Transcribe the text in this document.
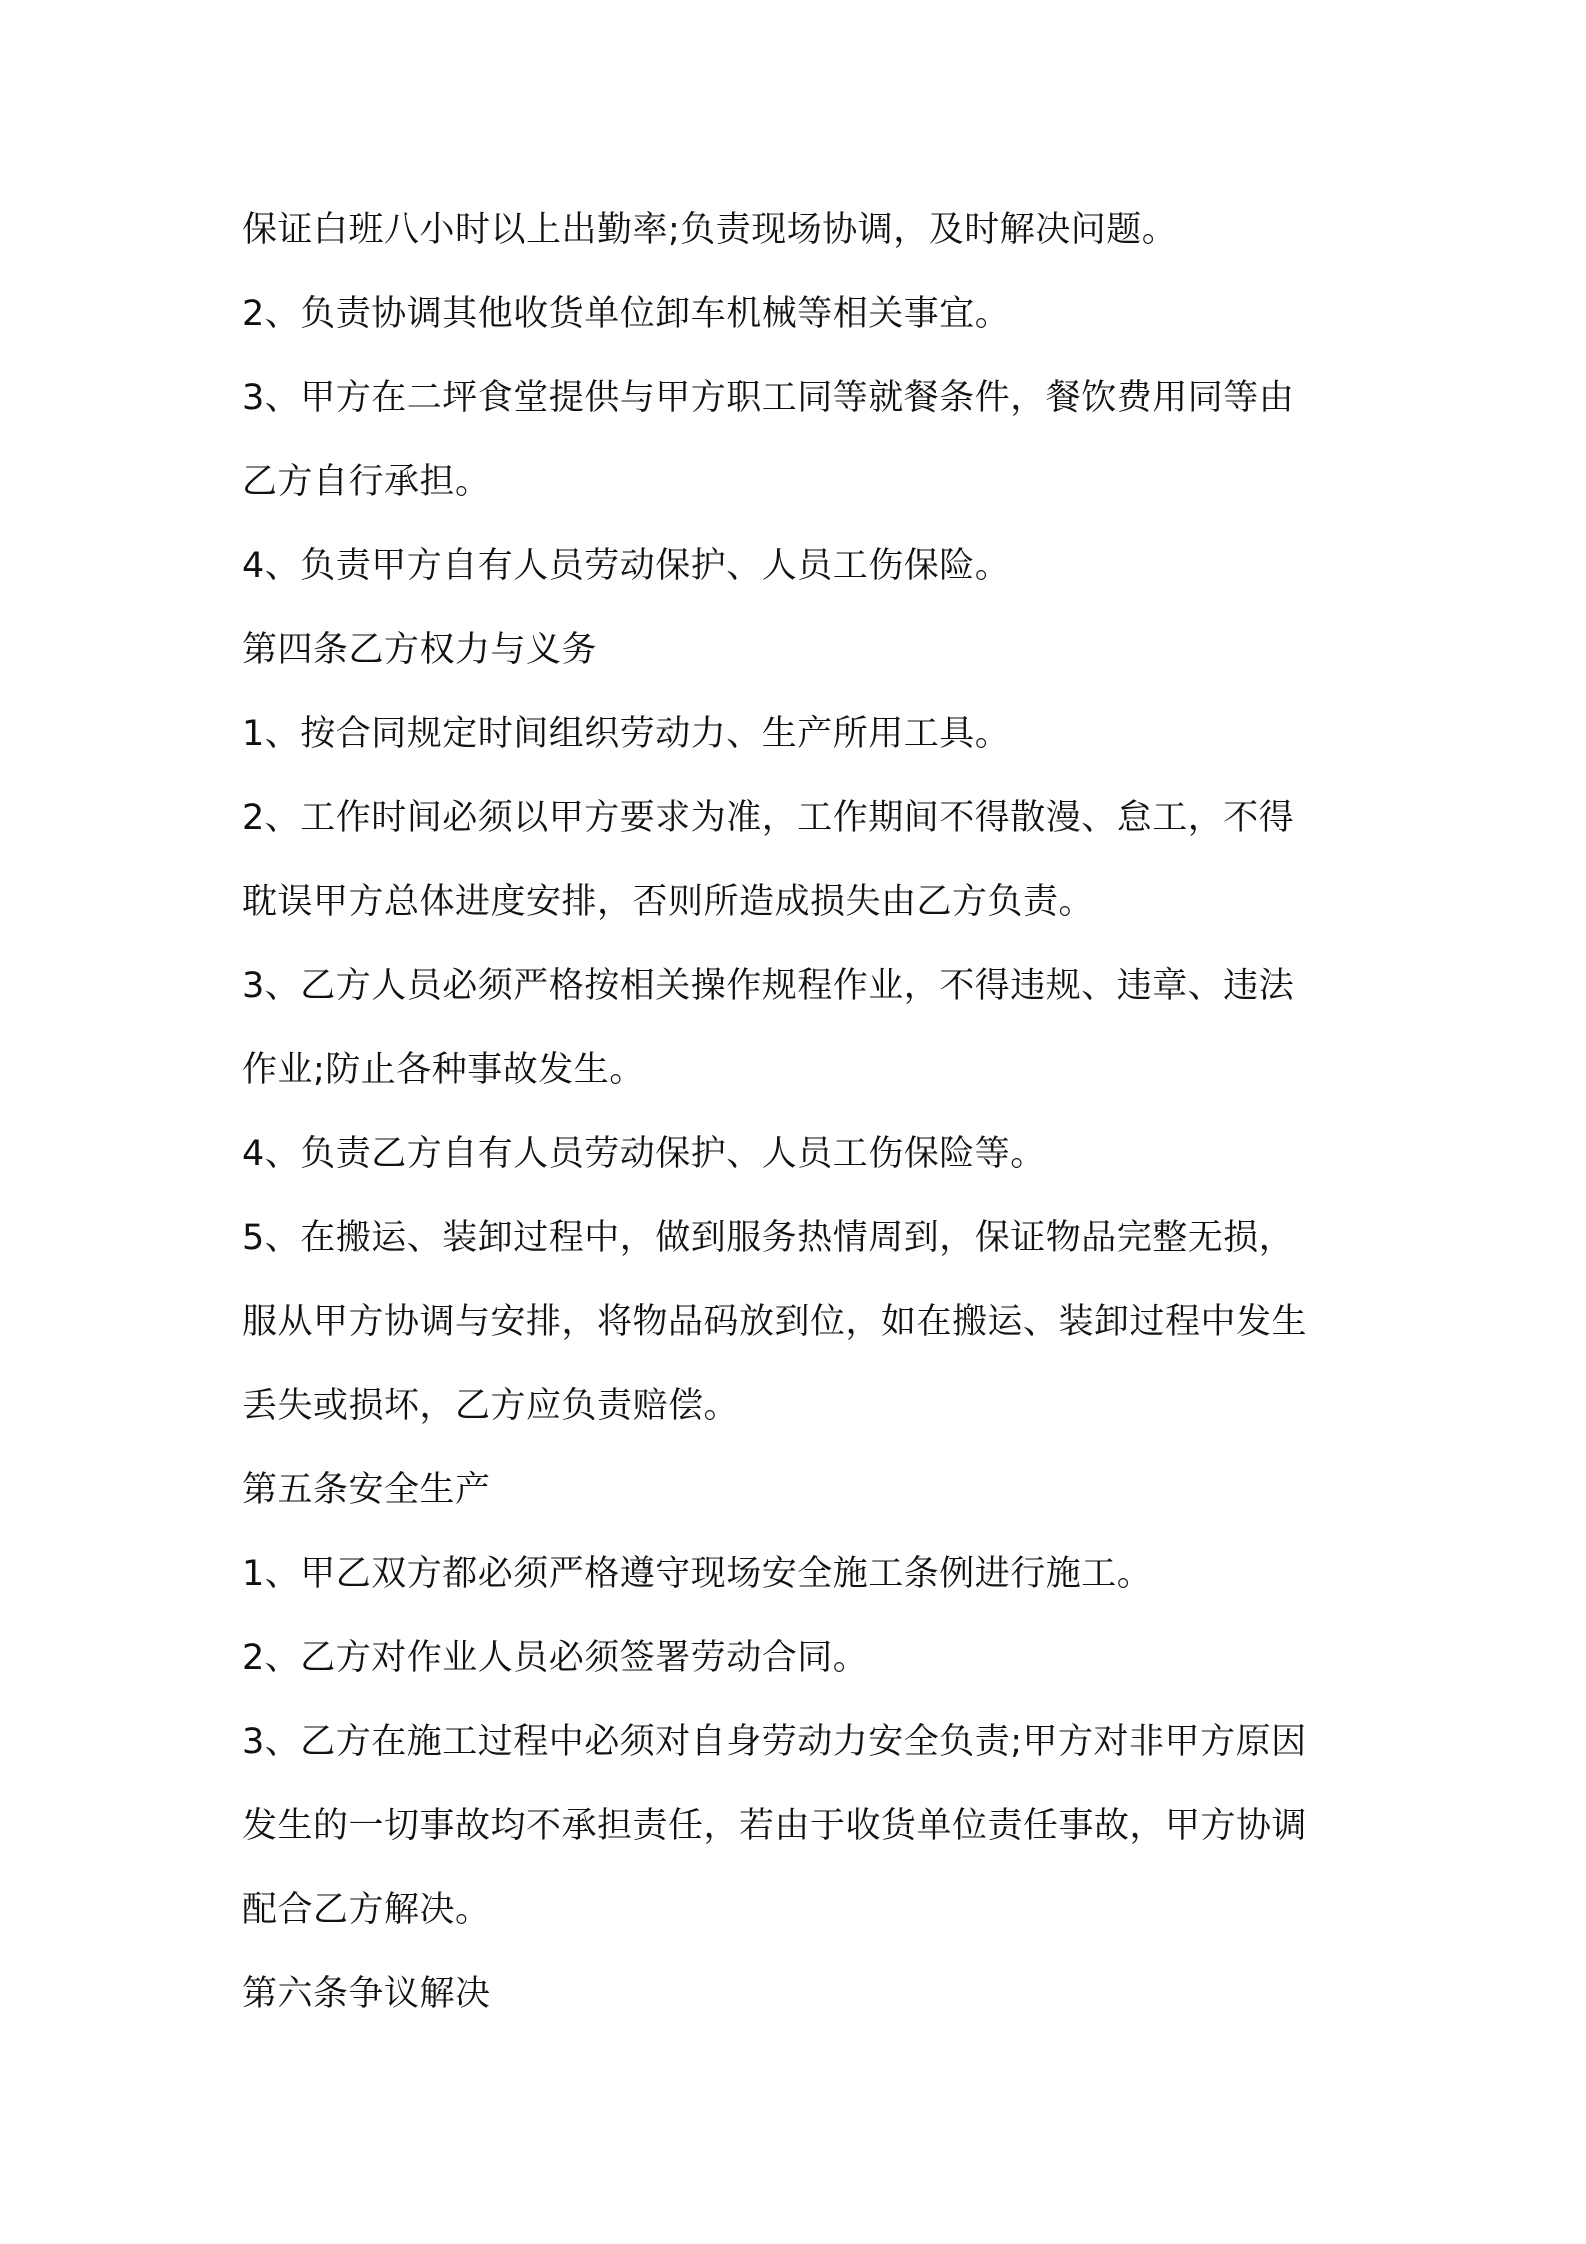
保证白班八小时以上出勤率;负责现场协调，及时解决问题。

2、负责协调其他收货单位卸车机械等相关事宜。

3、甲方在二坪食堂提供与甲方职工同等就餐条件，餐饮费用同等由

乙方自行承担。

4、负责甲方自有人员劳动保护、人员工伤保险。

第四条乙方权力与义务

1、按合同规定时间组织劳动力、生产所用工具。

2、工作时间必须以甲方要求为准，工作期间不得散漫、怠工，不得

耽误甲方总体进度安排，否则所造成损失由乙方负责。

3、乙方人员必须严格按相关操作规程作业，不得违规、违章、违法

作业;防止各种事故发生。

4、负责乙方自有人员劳动保护、人员工伤保险等。

5、在搬运、装卸过程中，做到服务热情周到，保证物品完整无损，

服从甲方协调与安排，将物品码放到位，如在搬运、装卸过程中发生

丢失或损坏，乙方应负责赔偿。

第五条安全生产

1、甲乙双方都必须严格遵守现场安全施工条例进行施工。

2、乙方对作业人员必须签署劳动合同。

3、乙方在施工过程中必须对自身劳动力安全负责;甲方对非甲方原因

发生的一切事故均不承担责任，若由于收货单位责任事故，甲方协调

配合乙方解决。

第六条争议解决
